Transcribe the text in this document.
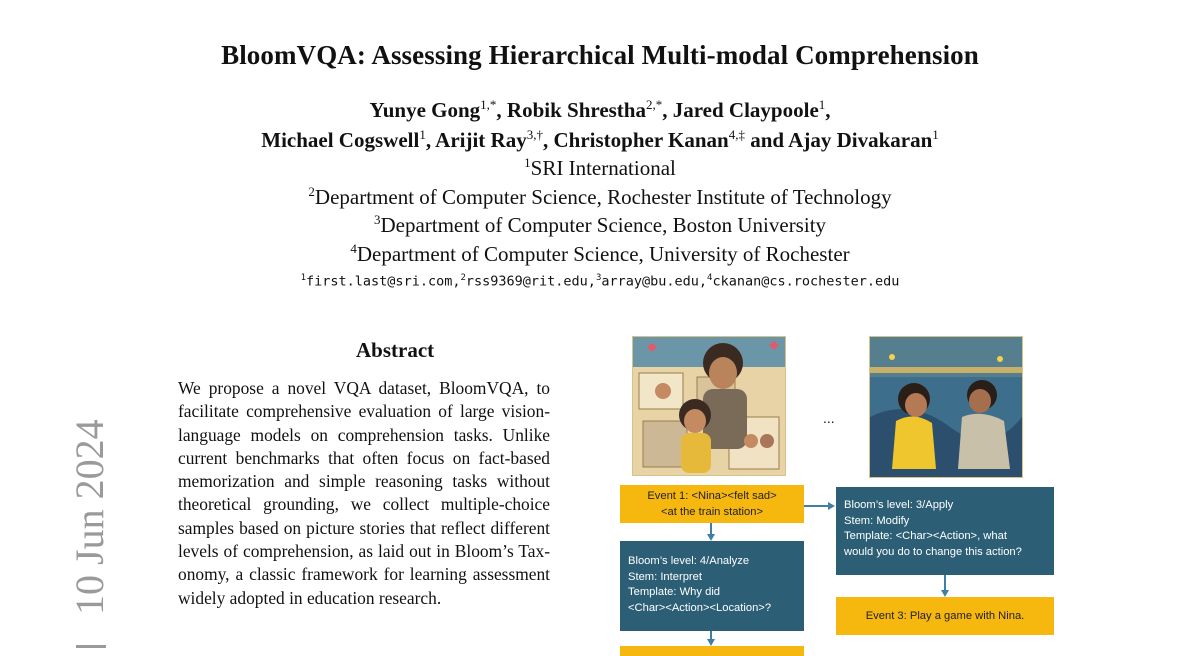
BloomVQA: Assessing Hierarchical Multi-modal Comprehension
Yunye Gong$^{1,*}$, Robik Shrestha$^{2,*}$, Jared Claypoole$^1$,
Michael Cogswell$^1$, Arijit Ray$^{3,\dagger}$, Christopher Kanan$^{4,\ddagger}$ and Ajay Divakaran$^1$
$^1$SRI International
$^2$Department of Computer Science, Rochester Institute of Technology
$^3$Department of Computer Science, Boston University
$^4$Department of Computer Science, University of Rochester
$^1$first.last@sri.com,$^2$rss9369@rit.edu,$^3$array@bu.edu,$^4$ckanan@cs.rochester.edu
Abstract
We propose a novel VQA dataset, BloomVQA, to facilitate comprehensive evaluation of large vision-language models on comprehension tasks. Unlike current benchmarks that often focus on fact-based memorization and simple reasoning tasks without theoretical grounding, we collect multiple-choice samples based on picture stories that reflect different levels of comprehension, as laid out in Bloom’s Taxonomy, a classic framework for learning assessment widely adopted in education research.
10 Jun 2024
...
Event 1: <Nina><felt sad>
<at the train station>
Bloom’s level: 4/Analyze
Stem: Interpret
Template: Why did
<Char><Action><Location>?
Bloom’s level: 3/Apply
Stem: Modify
Template: <Char><Action>, what
would you do to change this action?
Event 3: Play a game with Nina.
